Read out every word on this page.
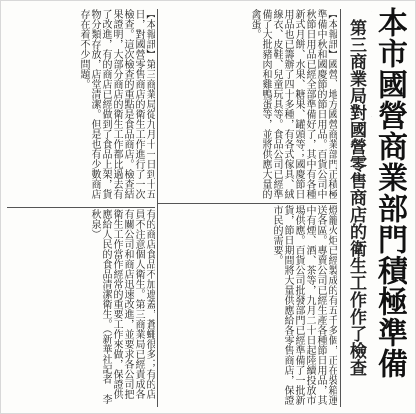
本市國營商業部門積極準備
第三商業局對國營零售商店的衛生工作作了檢查
【本報訊】國營、地方國營商業部門正積極準備中秋和國慶節的節日用品。百貨公司中秋節日用品已經全部準備好了，其中有各種新式月餅、水果、糖果、罐頭等；國慶節日用品也已籌辦了四十多種，有各式傢具、絨線衣、皮鞋、兒童玩具等。食品公司已經準備了大批豬肉和雞鴨蛋等，並將供應大量的禽蛋。
燈籠火炬已經製成的有五千多個，正在裝箱運送各區。專賣公司已經生產各種節日用品，其中有煙、酒、茶等，九月二十日起陸續投放市場供應。百貨公司批發部門已經準備了一批新貨，節日期間將大量供應給各零售商店，保證市民的需要。
【本報訊】第三商業局從九月十一日到十五日，對國營零售商店的衛生工作進行了一次檢查。這次檢查的重點是食品商店。檢查結果證明，大部分商店的衛生工作都比過去有了改進，有的商店已經做到了食品上架，貨物分類存放，店堂清潔。但是也有少數商店存在着不少問題。
有的商店食品不加遮蓋，蒼蠅很多；有的店員不注意個人衛生。第三商業局已經責成各有關公司和商店迅速改進，並要求各公司把衛生工作當作經常的重要工作來做，保證供應給人民的食品清潔衛生。（新華社記者　李秋泉）
